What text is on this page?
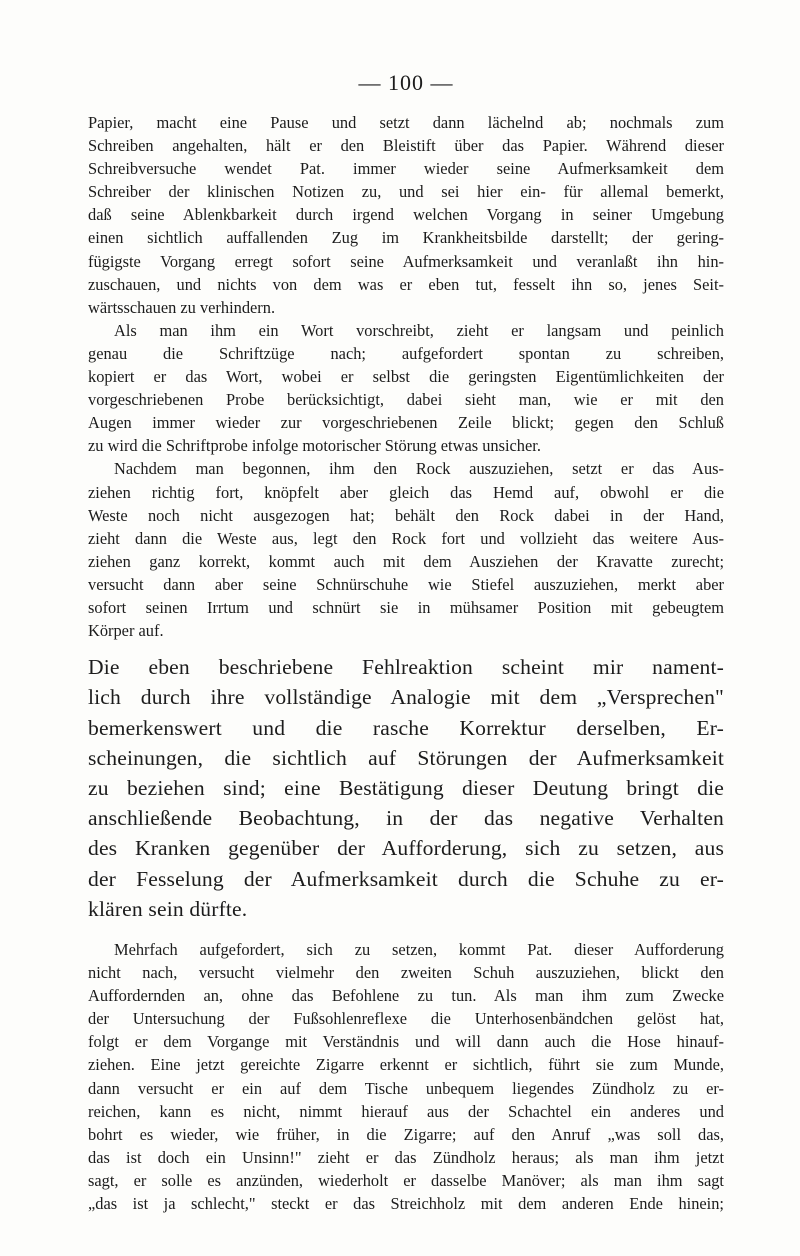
— 100 —
Papier, macht eine Pause und setzt dann lächelnd ab; nochmals zum
Schreiben angehalten, hält er den Bleistift über das Papier. Während dieser
Schreibversuche wendet Pat. immer wieder seine Aufmerksamkeit dem
Schreiber der klinischen Notizen zu, und sei hier ein- für allemal bemerkt,
daß seine Ablenkbarkeit durch irgend welchen Vorgang in seiner Umgebung
einen sichtlich auffallenden Zug im Krankheitsbilde darstellt; der gering-
fügigste Vorgang erregt sofort seine Aufmerksamkeit und veranlaßt ihn hin-
zuschauen, und nichts von dem was er eben tut, fesselt ihn so, jenes Seit-
wärtsschauen zu verhindern.
Als man ihm ein Wort vorschreibt, zieht er langsam und peinlich
genau die Schriftzüge nach; aufgefordert spontan zu schreiben,
kopiert er das Wort, wobei er selbst die geringsten Eigentümlichkeiten der
vorgeschriebenen Probe berücksichtigt, dabei sieht man, wie er mit den
Augen immer wieder zur vorgeschriebenen Zeile blickt; gegen den Schluß
zu wird die Schriftprobe infolge motorischer Störung etwas unsicher.
Nachdem man begonnen, ihm den Rock auszuziehen, setzt er das Aus-
ziehen richtig fort, knöpfelt aber gleich das Hemd auf, obwohl er die
Weste noch nicht ausgezogen hat; behält den Rock dabei in der Hand,
zieht dann die Weste aus, legt den Rock fort und vollzieht das weitere Aus-
ziehen ganz korrekt, kommt auch mit dem Ausziehen der Kravatte zurecht;
versucht dann aber seine Schnürschuhe wie Stiefel auszuziehen, merkt aber
sofort seinen Irrtum und schnürt sie in mühsamer Position mit gebeugtem
Körper auf.
Die eben beschriebene Fehlreaktion scheint mir nament-
lich durch ihre vollständige Analogie mit dem „Versprechen"
bemerkenswert und die rasche Korrektur derselben, Er-
scheinungen, die sichtlich auf Störungen der Aufmerksamkeit
zu beziehen sind; eine Bestätigung dieser Deutung bringt die
anschließende Beobachtung, in der das negative Verhalten
des Kranken gegenüber der Aufforderung, sich zu setzen, aus
der Fesselung der Aufmerksamkeit durch die Schuhe zu er-
klären sein dürfte.
Mehrfach aufgefordert, sich zu setzen, kommt Pat. dieser Aufforderung
nicht nach, versucht vielmehr den zweiten Schuh auszuziehen, blickt den
Auffordernden an, ohne das Befohlene zu tun. Als man ihm zum Zwecke
der Untersuchung der Fußsohlenreflexe die Unterhosenbändchen gelöst hat,
folgt er dem Vorgange mit Verständnis und will dann auch die Hose hinauf-
ziehen. Eine jetzt gereichte Zigarre erkennt er sichtlich, führt sie zum Munde,
dann versucht er ein auf dem Tische unbequem liegendes Zündholz zu er-
reichen, kann es nicht, nimmt hierauf aus der Schachtel ein anderes und
bohrt es wieder, wie früher, in die Zigarre; auf den Anruf „was soll das,
das ist doch ein Unsinn!" zieht er das Zündholz heraus; als man ihm jetzt
sagt, er solle es anzünden, wiederholt er dasselbe Manöver; als man ihm sagt
„das ist ja schlecht," steckt er das Streichholz mit dem anderen Ende hinein;
